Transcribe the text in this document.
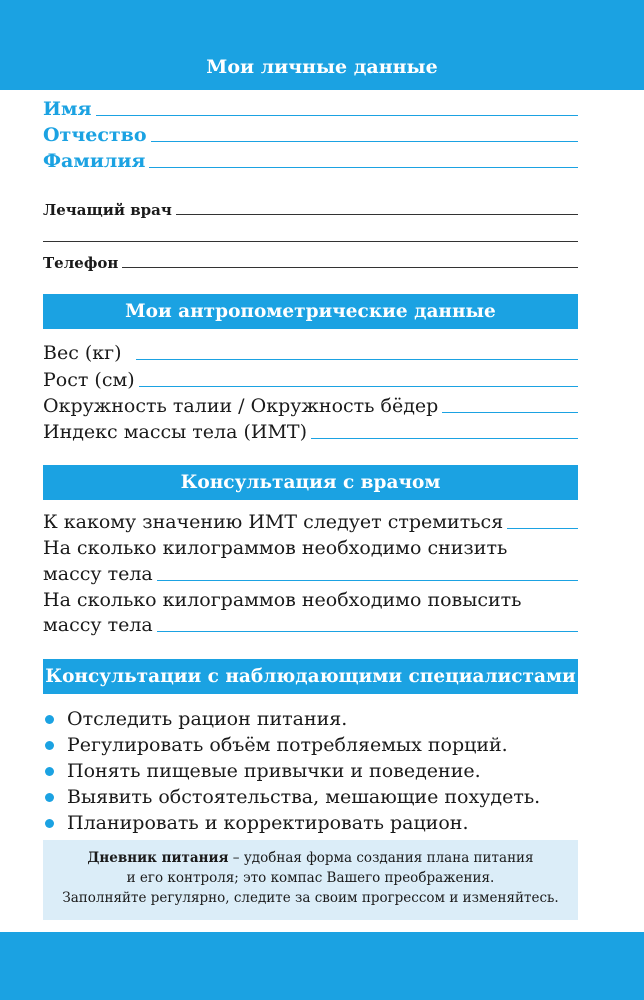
Мои личные данные
Имя
Отчество
Фамилия
Лечащий врач
Телефон
Мои антропометрические данные
Вес (кг)
Рост (см)
Окружность талии / Окружность бёдер
Индекс массы тела (ИМТ)
Консультация с врачом
К какому значению ИМТ следует стремиться
На сколько килограммов необходимо снизить
массу тела
На сколько килограммов необходимо повысить
массу тела
Консультации с наблюдающими специалистами
Отследить рацион питания.
Регулировать объём потребляемых порций.
Понять пищевые привычки и поведение.
Выявить обстоятельства, мешающие похудеть.
Планировать и корректировать рацион.
Дневник питания – удобная форма создания плана питания
и его контроля; это компас Вашего преображения.
Заполняйте регулярно, следите за своим прогрессом и изменяйтесь.
